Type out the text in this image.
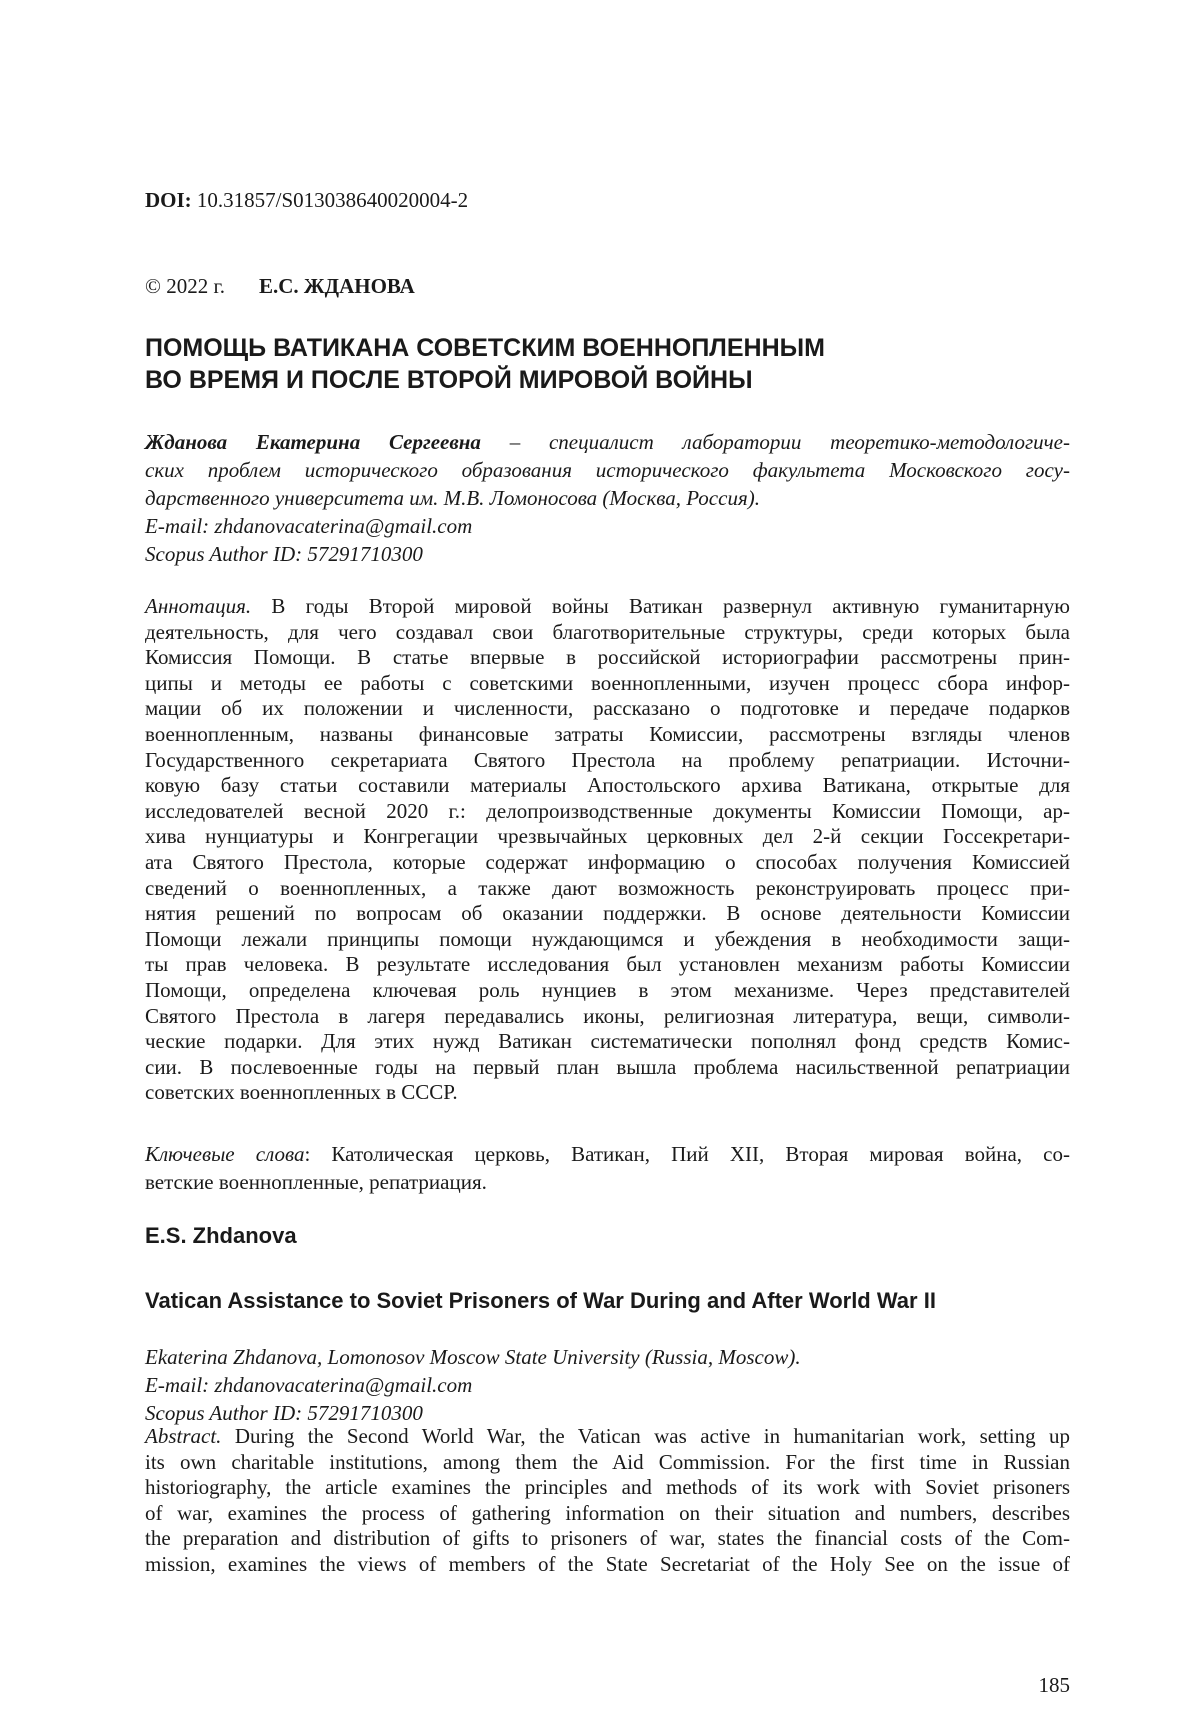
DOI: 10.31857/S013038640020004-2
© 2022 г. Е.С. ЖДАНОВА
ПОМОЩЬ ВАТИКАНА СОВЕТСКИМ ВОЕННОПЛЕННЫМ
ВО ВРЕМЯ И ПОСЛЕ ВТОРОЙ МИРОВОЙ ВОЙНЫ
Жданова Екатерина Сергеевна – специалист лаборатории теоретико-методологиче-
ских проблем исторического образования исторического факультета Московского госу-
дарственного университета им. М.В. Ломоносова (Москва, Россия).
E-mail: zhdanovacaterina@gmail.com
Scopus Author ID: 57291710300
Аннотация. В годы Второй мировой войны Ватикан развернул активную гуманитарную
деятельность, для чего создавал свои благотворительные структуры, среди которых была
Комиссия Помощи. В статье впервые в российской историографии рассмотрены прин-
ципы и методы ее работы с советскими военнопленными, изучен процесс сбора инфор-
мации об их положении и численности, рассказано о подготовке и передаче подарков
военнопленным, названы финансовые затраты Комиссии, рассмотрены взгляды членов
Государственного секретариата Святого Престола на проблему репатриации. Источни-
ковую базу статьи составили материалы Апостольского архива Ватикана, открытые для
исследователей весной 2020 г.: делопроизводственные документы Комиссии Помощи, ар-
хива нунциатуры и Конгрегации чрезвычайных церковных дел 2-й секции Госсекретари-
ата Святого Престола, которые содержат информацию о способах получения Комиссией
сведений о военнопленных, а также дают возможность реконструировать процесс при-
нятия решений по вопросам об оказании поддержки. В основе деятельности Комиссии
Помощи лежали принципы помощи нуждающимся и убеждения в необходимости защи-
ты прав человека. В результате исследования был установлен механизм работы Комиссии
Помощи, определена ключевая роль нунциев в этом механизме. Через представителей
Святого Престола в лагеря передавались иконы, религиозная литература, вещи, символи-
ческие подарки. Для этих нужд Ватикан систематически пополнял фонд средств Комис-
сии. В послевоенные годы на первый план вышла проблема насильственной репатриации
советских военнопленных в СССР.
Ключевые слова: Католическая церковь, Ватикан, Пий XII, Вторая мировая война, со-
ветские военнопленные, репатриация.
E.S. Zhdanova
Vatican Assistance to Soviet Prisoners of War During and After World War II
Ekaterina Zhdanova, Lomonosov Moscow State University (Russia, Moscow).
E-mail: zhdanovacaterina@gmail.com
Scopus Author ID: 57291710300
Abstract. During the Second World War, the Vatican was active in humanitarian work, setting up
its own charitable institutions, among them the Aid Commission. For the first time in Russian
historiography, the article examines the principles and methods of its work with Soviet prisoners
of war, examines the process of gathering information on their situation and numbers, describes
the preparation and distribution of gifts to prisoners of war, states the financial costs of the Com-
mission, examines the views of members of the State Secretariat of the Holy See on the issue of
185
